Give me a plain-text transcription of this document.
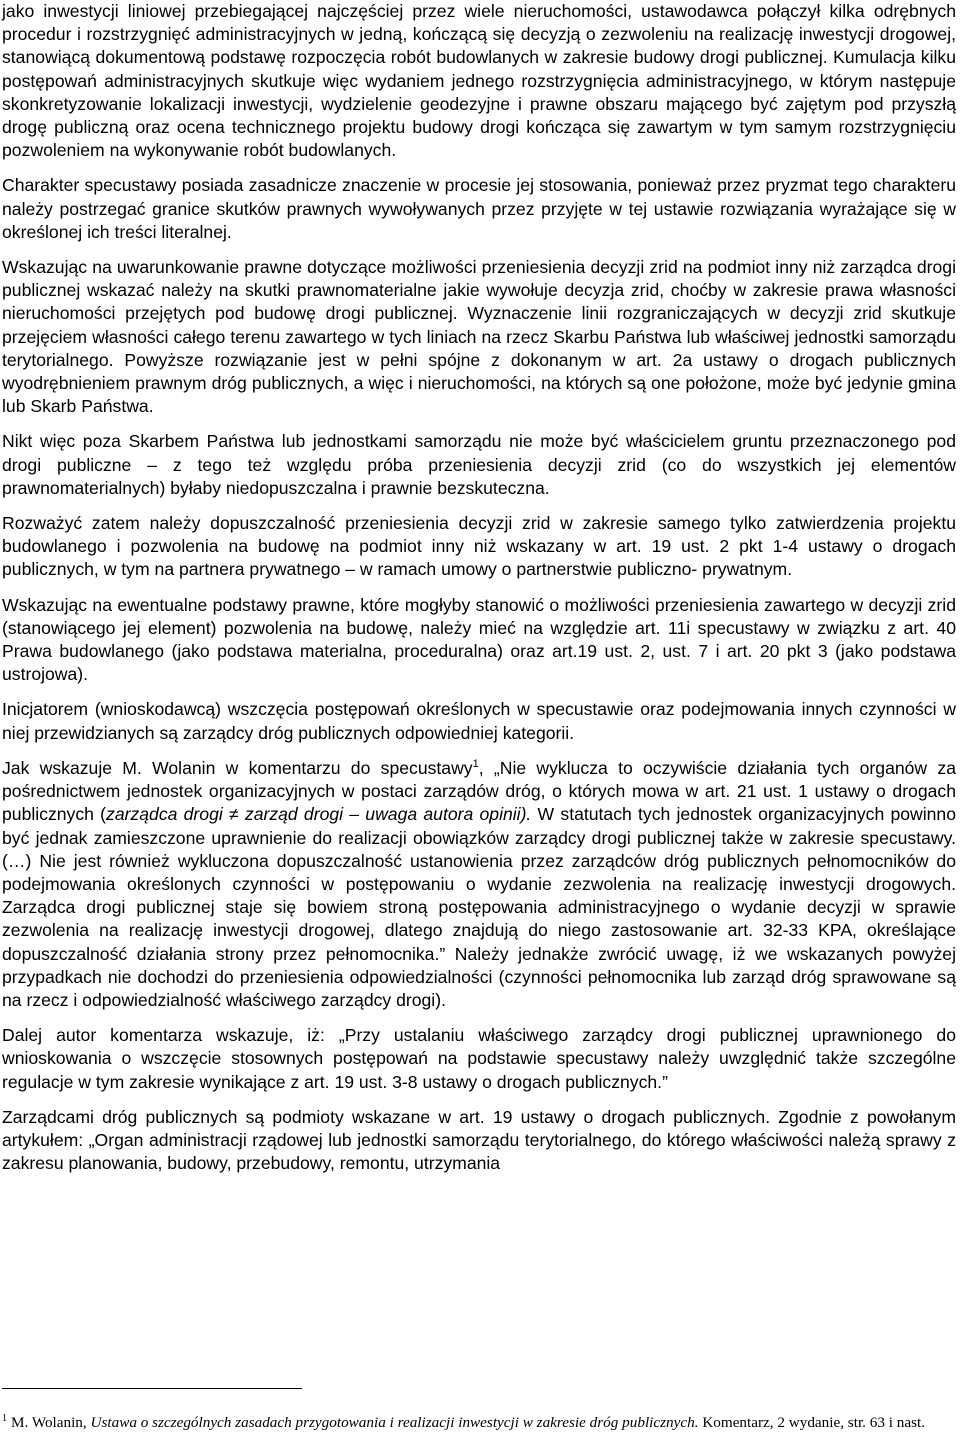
jako inwestycji liniowej przebiegającej najczęściej przez wiele nieruchomości, ustawodawca połączył kilka odrębnych procedur i rozstrzygnięć administracyjnych w jedną, kończącą się decyzją o zezwoleniu na realizację inwestycji drogowej, stanowiącą dokumentową podstawę rozpoczęcia robót budowlanych w zakresie budowy drogi publicznej. Kumulacja kilku postępowań administracyjnych skutkuje więc wydaniem jednego rozstrzygnięcia administracyjnego, w którym następuje skonkretyzowanie lokalizacji inwestycji, wydzielenie geodezyjne i prawne obszaru mającego być zajętym pod przyszłą drogę publiczną oraz ocena technicznego projektu budowy drogi kończąca się zawartym w tym samym rozstrzygnięciu pozwoleniem na wykonywanie robót budowlanych.

Charakter specustawy posiada zasadnicze znaczenie w procesie jej stosowania, ponieważ przez pryzmat tego charakteru należy postrzegać granice skutków prawnych wywoływanych przez przyjęte w tej ustawie rozwiązania wyrażające się w określonej ich treści literalnej.

Wskazując na uwarunkowanie prawne dotyczące możliwości przeniesienia decyzji zrid na podmiot inny niż zarządca drogi publicznej wskazać należy na skutki prawnomaterialne jakie wywołuje decyzja zrid, choćby w zakresie prawa własności nieruchomości przejętych pod budowę drogi publicznej. Wyznaczenie linii rozgraniczających w decyzji zrid skutkuje przejęciem własności całego terenu zawartego w tych liniach na rzecz Skarbu Państwa lub właściwej jednostki samorządu terytorialnego. Powyższe rozwiązanie jest w pełni spójne z dokonanym w art. 2a ustawy o drogach publicznych wyodrębnieniem prawnym dróg publicznych, a więc i nieruchomości, na których są one położone, może być jedynie gmina lub Skarb Państwa.

Nikt więc poza Skarbem Państwa lub jednostkami samorządu nie może być właścicielem gruntu przeznaczonego pod drogi publiczne – z tego też względu próba przeniesienia decyzji zrid (co do wszystkich jej elementów prawnomaterialnych) byłaby niedopuszczalna i prawnie bezskuteczna.

Rozważyć zatem należy dopuszczalność przeniesienia decyzji zrid w zakresie samego tylko zatwierdzenia projektu budowlanego i pozwolenia na budowę na podmiot inny niż wskazany w art. 19 ust. 2 pkt 1-4 ustawy o drogach publicznych, w tym na partnera prywatnego – w ramach umowy o partnerstwie publiczno- prywatnym.

Wskazując na ewentualne podstawy prawne, które mogłyby stanowić o możliwości przeniesienia zawartego w decyzji zrid (stanowiącego jej element) pozwolenia na budowę, należy mieć na względzie art. 11i specustawy w związku z art. 40 Prawa budowlanego (jako podstawa materialna, proceduralna) oraz art.19 ust. 2, ust. 7 i art. 20 pkt 3 (jako podstawa ustrojowa).

Inicjatorem (wnioskodawcą) wszczęcia postępowań określonych w specustawie oraz podejmowania innych czynności w niej przewidzianych są zarządcy dróg publicznych odpowiedniej kategorii.

Jak wskazuje M. Wolanin w komentarzu do specustawy$^1$, „Nie wyklucza to oczywiście działania tych organów za pośrednictwem jednostek organizacyjnych w postaci zarządów dróg, o których mowa w art. 21 ust. 1 ustawy o drogach publicznych (zarządca drogi ≠ zarząd drogi – uwaga autora opinii). W statutach tych jednostek organizacyjnych powinno być jednak zamieszczone uprawnienie do realizacji obowiązków zarządcy drogi publicznej także w zakresie specustawy. (…) Nie jest również wykluczona dopuszczalność ustanowienia przez zarządców dróg publicznych pełnomocników do podejmowania określonych czynności w postępowaniu o wydanie zezwolenia na realizację inwestycji drogowych. Zarządca drogi publicznej staje się bowiem stroną postępowania administracyjnego o wydanie decyzji w sprawie zezwolenia na realizację inwestycji drogowej, dlatego znajdują do niego zastosowanie art. 32-33 KPA, określające dopuszczalność działania strony przez pełnomocnika.” Należy jednakże zwrócić uwagę, iż we wskazanych powyżej przypadkach nie dochodzi do przeniesienia odpowiedzialności (czynności pełnomocnika lub zarząd dróg sprawowane są na rzecz i odpowiedzialność właściwego zarządcy drogi).

Dalej autor komentarza wskazuje, iż: „Przy ustalaniu właściwego zarządcy drogi publicznej uprawnionego do wnioskowania o wszczęcie stosownych postępowań na podstawie specustawy należy uwzględnić także szczególne regulacje w tym zakresie wynikające z art. 19 ust. 3-8 ustawy o drogach publicznych.”

Zarządcami dróg publicznych są podmioty wskazane w art. 19 ustawy o drogach publicznych. Zgodnie z powołanym artykułem: „Organ administracji rządowej lub jednostki samorządu terytorialnego, do którego właściwości należą sprawy z zakresu planowania, budowy, przebudowy, remontu, utrzymania

$^1$ M. Wolanin, Ustawa o szczególnych zasadach przygotowania i realizacji inwestycji w zakresie dróg publicznych. Komentarz, 2 wydanie, str. 63 i nast.
